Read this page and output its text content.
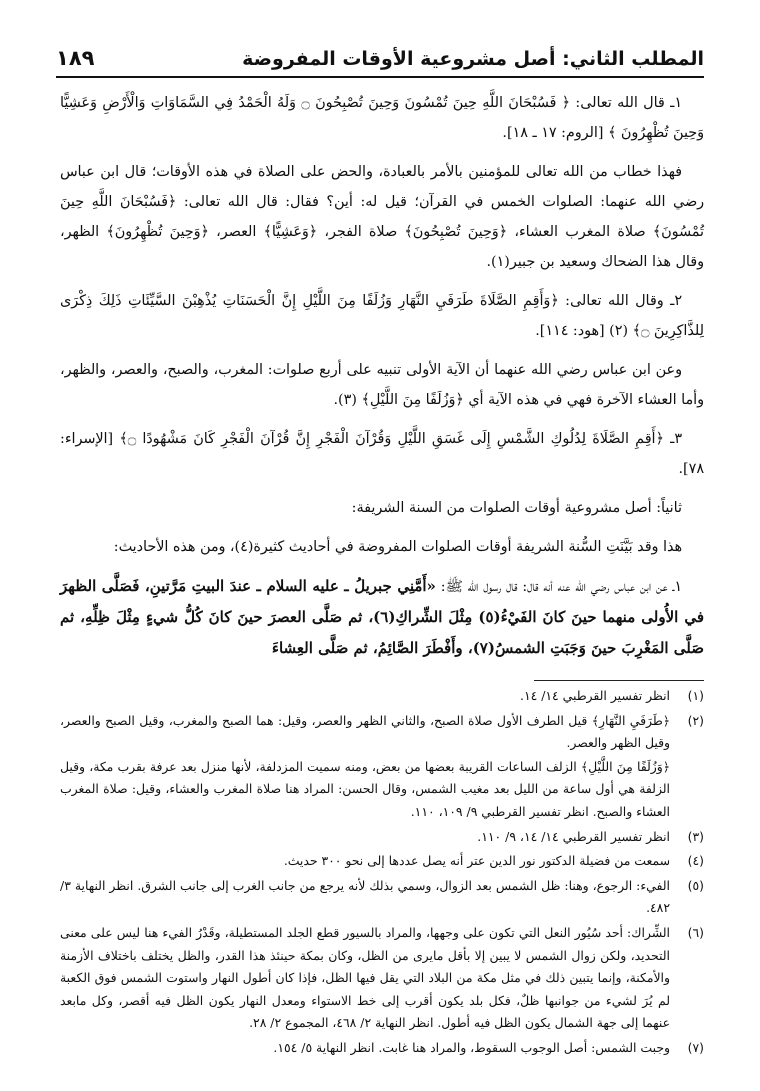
المطلب الثاني: أصل مشروعية الأوقات المفروضة
١٨٩

١ـ قال الله تعالى: ﴿ فَسُبْحَانَ اللَّهِ حِينَ تُمْسُونَ وَحِينَ تُصْبِحُونَ ۝ وَلَهُ الْحَمْدُ فِي السَّمَاوَاتِ وَالْأَرْضِ وَعَشِيًّا وَحِينَ تُظْهِرُونَ ﴾ [الروم: ١٧ ـ ١٨].

فهذا خطاب من الله تعالى للمؤمنين بالأمر بالعبادة، والحض على الصلاة في هذه الأوقات؛ قال ابن عباس رضي الله عنهما: الصلوات الخمس في القرآن؛ قيل له: أين؟ فقال: قال الله تعالى: ﴿فَسُبْحَانَ اللَّهِ حِينَ تُمْسُونَ﴾ صلاة المغرب العشاء، ﴿وَحِينَ تُصْبِحُونَ﴾ صلاة الفجر، ﴿وَعَشِيًّا﴾ العصر، ﴿وَحِينَ تُظْهِرُونَ﴾ الظهر، وقال هذا الضحاك وسعيد بن جبير(١).

٢ـ وقال الله تعالى: ﴿وَأَقِمِ الصَّلَاةَ طَرَفَيِ النَّهَارِ وَزُلَفًا مِنَ اللَّيْلِ إِنَّ الْحَسَنَاتِ يُذْهِبْنَ السَّيِّئَاتِ ذَلِكَ ذِكْرَى لِلذَّاكِرِينَ ۝﴾ (٢) [هود: ١١٤].

وعن ابن عباس رضي الله عنهما أن الآية الأولى تنبيه على أربع صلوات: المغرب، والصبح، والعصر، والظهر، وأما العشاء الآخرة فهي في هذه الآية أي ﴿وَزُلَفًا مِنَ اللَّيْلِ﴾ (٣).

٣ـ ﴿أَقِمِ الصَّلَاةَ لِدُلُوكِ الشَّمْسِ إِلَى غَسَقِ اللَّيْلِ وَقُرْآنَ الْفَجْرِ إِنَّ قُرْآنَ الْفَجْرِ كَانَ مَشْهُودًا ۝﴾ [الإسراء: ٧٨].

ثانياً: أصل مشروعية أوقات الصلوات من السنة الشريفة:

هذا وقد بَيَّنَتِ السُّنة الشريفة أوقات الصلوات المفروضة في أحاديث كثيرة(٤)، ومن هذه الأحاديث:

١ـ عن ابن عباس رضي الله عنه أنه قال: قال رسول الله ﷺ: «أَمَّنِي جبريلُ ـ عليه السلام ـ عندَ البيتِ مَرَّتينِ، فَصَلَّى الظهرَ في الأُولى منهما حينَ كانَ الفَيْءُ(٥) مِثْلَ الشِّراكِ(٦)، ثم صَلَّى العصرَ حينَ كانَ كُلُّ شيءٍ مِثْلَ ظِلِّهِ، ثم صَلَّى المَغْرِبَ حينَ وَجَبَتِ الشمسُ(٧)، وأَفْطَرَ الصَّائِمُ، ثم صَلَّى العِشاءَ

(١)
انظر تفسير القرطبي ١٤/ ١٤.
(٢)
﴿طَرَفَيِ النَّهَارِ﴾ قيل الطرف الأول صلاة الصبح، والثاني الظهر والعصر، وقيل: هما الصبح والمغرب، وقيل الصبح والعصر، وقيل الظهر والعصر.
﴿وَزُلَفًا مِنَ اللَّيْلِ﴾ الزلف الساعات القريبة بعضها من بعض، ومنه سميت المزدلفة، لأنها منزل بعد عرفة بقرب مكة، وقيل الزلفة هي أول ساعة من الليل بعد مغيب الشمس، وقال الحسن: المراد هنا صلاة المغرب والعشاء، وقيل: صلاة المغرب العشاء والصبح. انظر تفسير القرطبي ٩/ ١٠٩، ١١٠.
(٣)
انظر تفسير القرطبي ١٤/ ١٤، ٩/ ١١٠.
(٤)
سمعت من فضيلة الدكتور نور الدين عتر أنه يصل عددها إلى نحو ٣٠٠ حديث.
(٥)
الفيء: الرجوع، وهنا: ظل الشمس بعد الزوال، وسمي بذلك لأنه يرجع من جانب الغرب إلى جانب الشرق. انظر النهاية ٣/ ٤٨٢.
(٦)
الشِّراك: أحد سُيُور النعل التي تكون على وجهها، والمراد بالسيور قطع الجلد المستطيلة، وقَدْرُ الفيء هنا ليس على معنى التحديد، ولكن زوال الشمس لا يبين إلا بأقل مايرى من الظل، وكان بمكة حينئذ هذا القدر، والظل يختلف باختلاف الأزمنة والأمكنة، وإنما يتبين ذلك في مثل مكة من البلاد التي يقل فيها الظل، فإذا كان أطول النهار واستوت الشمس فوق الكعبة لم يُرَ لشيء من جوانبها ظلٌ، فكل بلد يكون أقرب إلى خط الاستواء ومعدل النهار يكون الظل فيه أقصر، وكل مابعد عنهما إلى جهة الشمال يكون الظل فيه أطول. انظر النهاية ٢/ ٤٦٨، المجموع ٢/ ٢٨.
(٧)
وجبت الشمس: أصل الوجوب السقوط، والمراد هنا غابت. انظر النهاية ٥/ ١٥٤.
